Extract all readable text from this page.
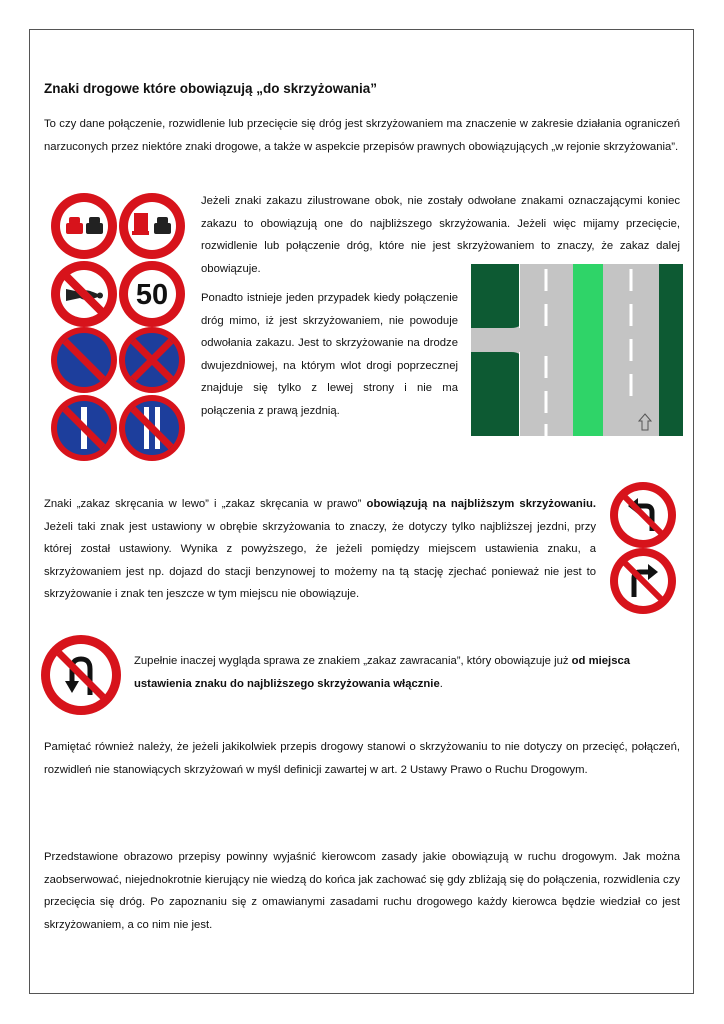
Znaki drogowe które obowiązują „do skrzyżowania”

To czy dane połączenie, rozwidlenie lub przecięcie się dróg jest skrzyżowaniem ma znaczenie w zakresie działania ograniczeń narzuconych przez niektóre znaki drogowe, a także w aspekcie przepisów prawnych obowiązujących „w rejonie skrzyżowania”.

50

Jeżeli znaki zakazu zilustrowane obok, nie zostały odwołane znakami oznaczającymi koniec zakazu to obowiązują one do najbliższego skrzyżowania. Jeżeli więc mijamy przecięcie, rozwidlenie lub połączenie dróg, które nie jest skrzyżowaniem to znaczy, że zakaz dalej obowiązuje.

Ponadto istnieje jeden przypadek kiedy połączenie dróg mimo, iż jest skrzyżowaniem, nie powoduje odwołania zakazu. Jest to skrzyżowanie na drodze dwujezdniowej, na którym wlot drogi poprzecznej znajduje się tylko z lewej strony i nie ma połączenia z prawą jezdnią.

Znaki „zakaz skręcania w lewo” i „zakaz skręcania w prawo” obowiązują na najbliższym skrzyżowaniu. Jeżeli taki znak jest ustawiony w obrębie skrzyżowania to znaczy, że dotyczy tylko najbliższej jezdni, przy której został ustawiony. Wynika z powyższego, że jeżeli pomiędzy miejscem ustawienia znaku, a skrzyżowaniem jest np. dojazd do stacji benzynowej to możemy na tą stację zjechać ponieważ nie jest to skrzyżowanie i znak ten jeszcze w tym miejscu nie obowiązuje.

Zupełnie inaczej wygląda sprawa ze znakiem „zakaz zawracania”, który obowiązuje już od miejsca ustawienia znaku do najbliższego skrzyżowania włącznie.

Pamiętać również należy, że jeżeli jakikolwiek przepis drogowy stanowi o skrzyżowaniu to nie dotyczy on przecięć, połączeń, rozwidleń nie stanowiących skrzyżowań w myśl definicji zawartej w art. 2 Ustawy Prawo o Ruchu Drogowym.

Przedstawione obrazowo przepisy powinny wyjaśnić kierowcom zasady jakie obowiązują w ruchu drogowym. Jak można zaobserwować, niejednokrotnie kierujący nie wiedzą do końca jak zachować się gdy zbliżają się do połączenia, rozwidlenia czy przecięcia się dróg. Po zapoznaniu się z omawianymi zasadami ruchu drogowego każdy kierowca będzie wiedział co jest skrzyżowaniem, a co nim nie jest.
